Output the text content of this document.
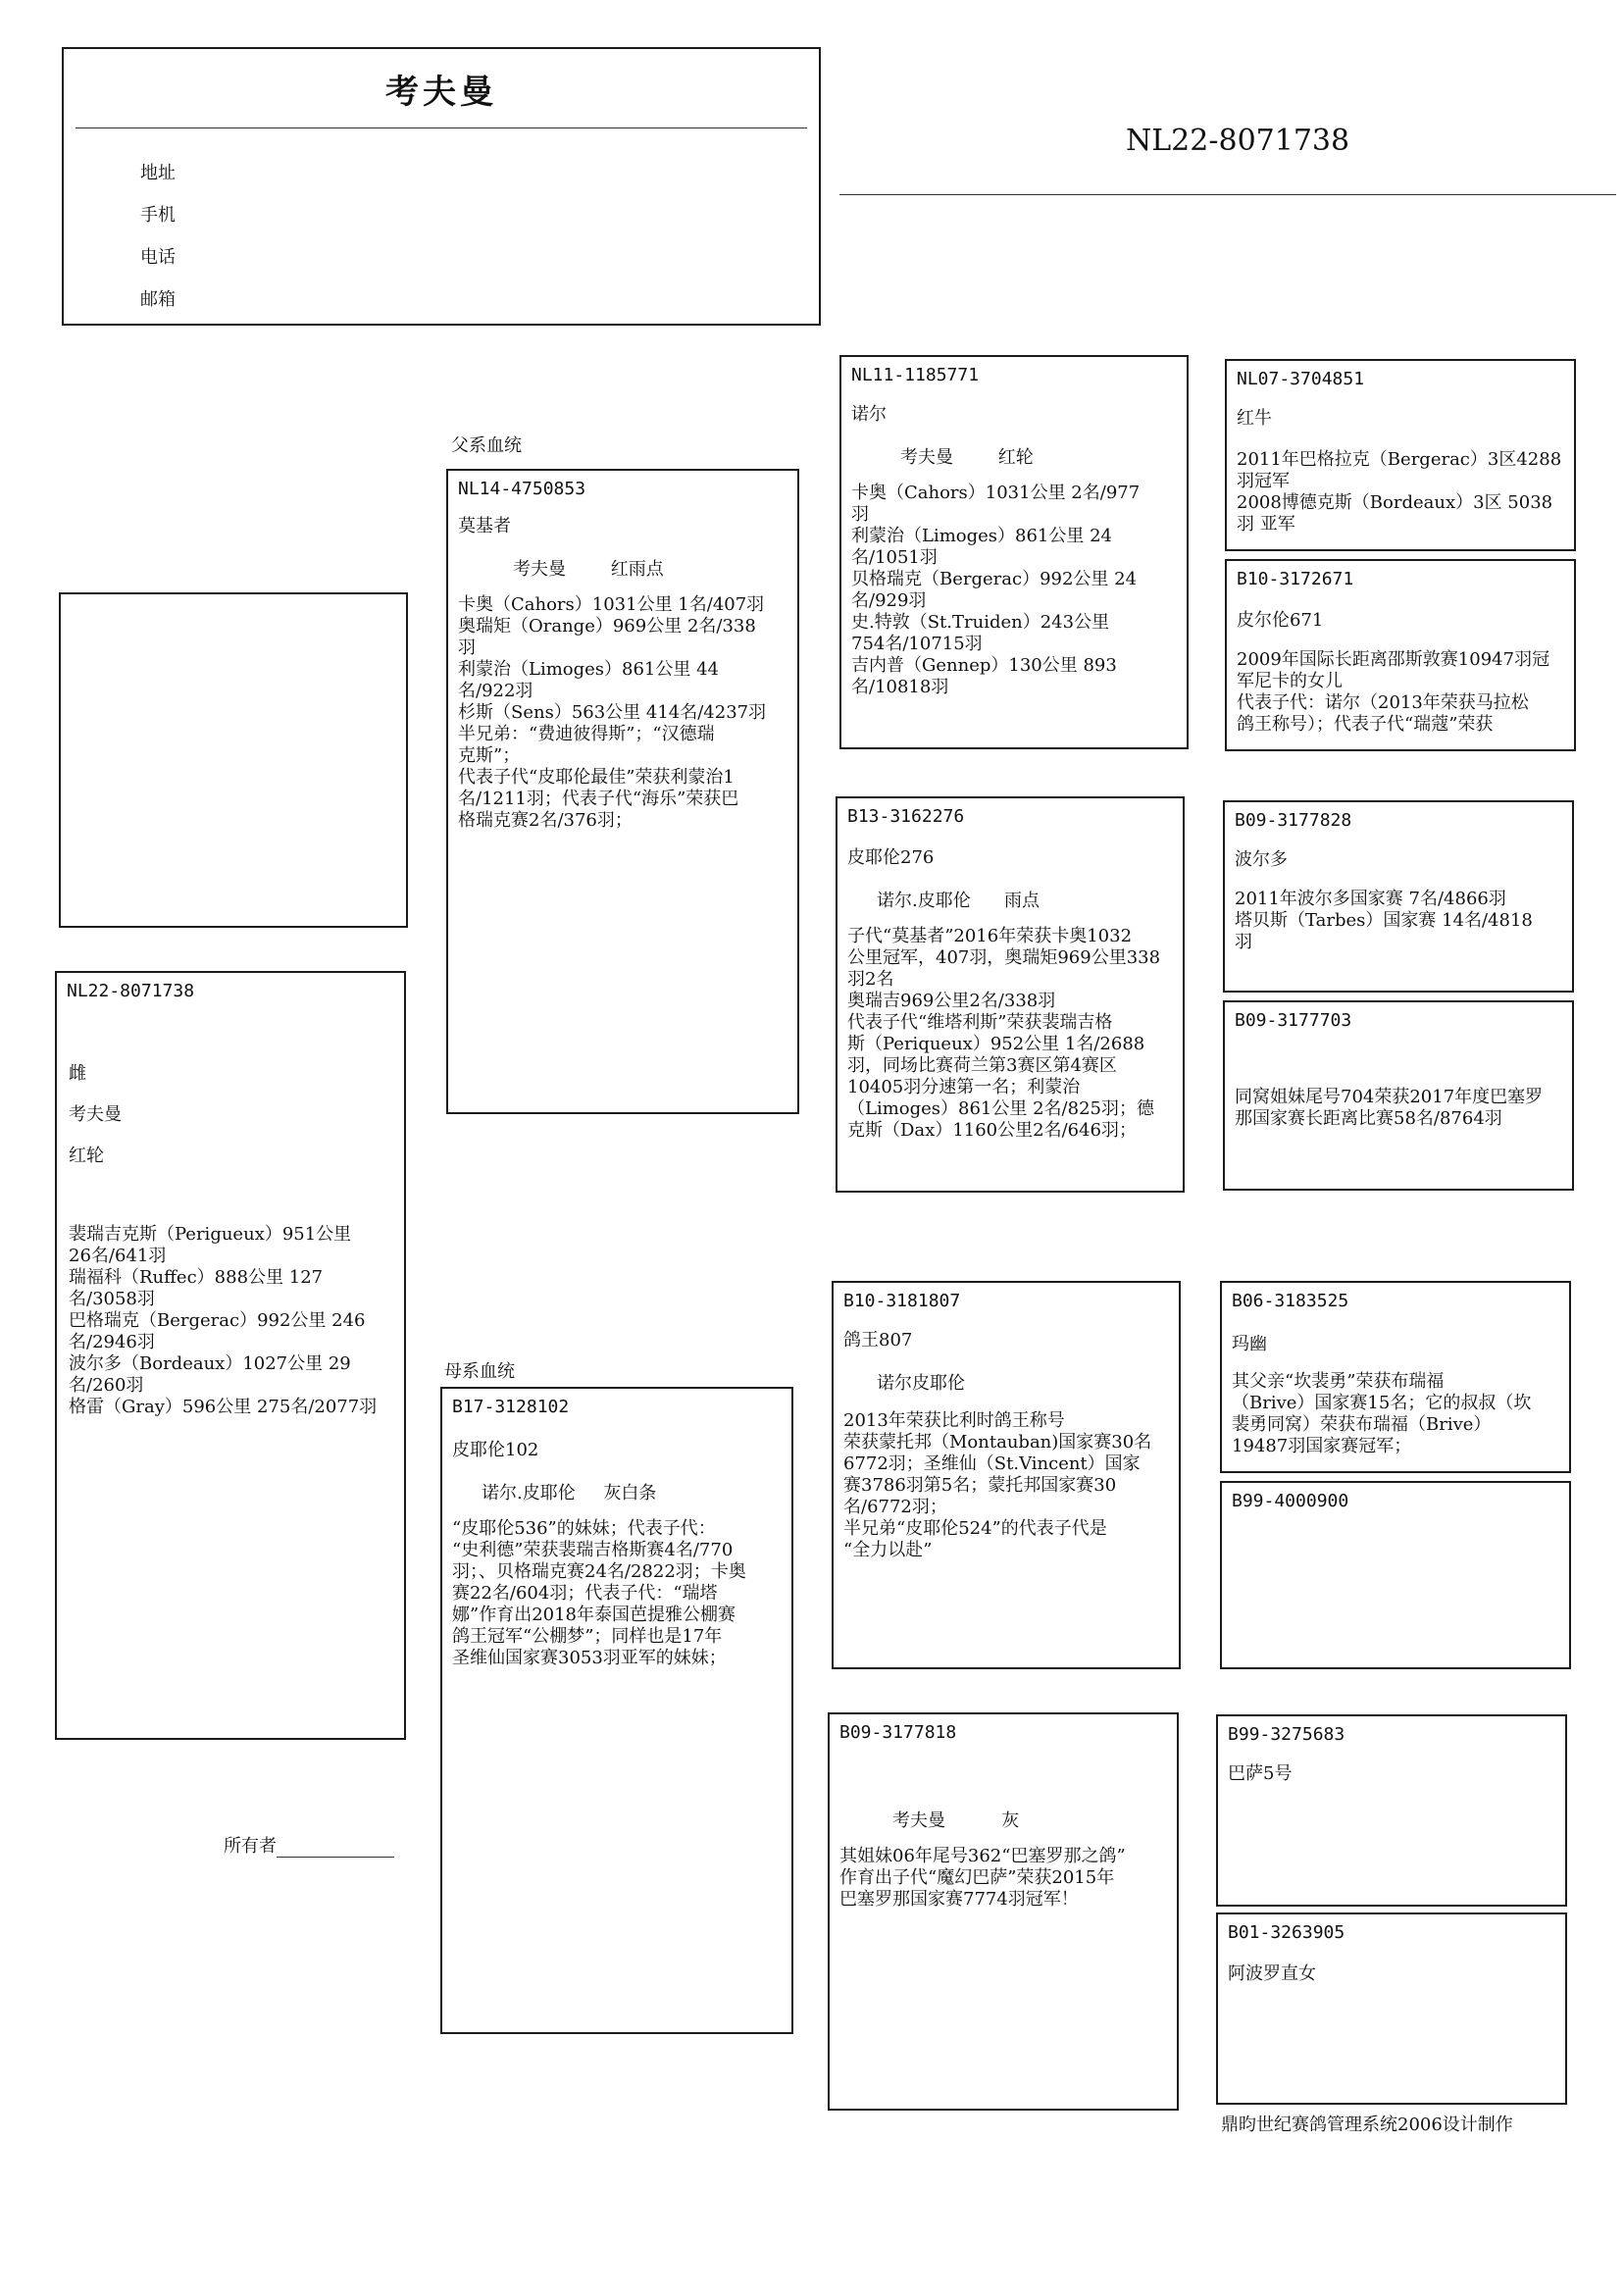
考夫曼
地址
手机
电话
邮箱
NL22-8071738
父系血统
母系血统
NL22-8071738
雌
考夫曼
红轮
裴瑞吉克斯（Perigueux）951公里
26名/641羽
瑞福科（Ruffec）888公里 127
名/3058羽
巴格瑞克（Bergerac）992公里 246
名/2946羽
波尔多（Bordeaux）1027公里 29
名/260羽
格雷（Gray）596公里 275名/2077羽
NL14-4750853
莫基者
考夫曼        红雨点
卡奥（Cahors）1031公里 1名/407羽
奥瑞矩（Orange）969公里 2名/338
羽
利蒙治（Limoges）861公里 44
名/922羽
杉斯（Sens）563公里 414名/4237羽
半兄弟：“费迪彼得斯”；“汉德瑞
克斯”；
代表子代“皮耶伦最佳”荣获利蒙治1
名/1211羽；代表子代“海乐”荣获巴
格瑞克赛2名/376羽；
B17-3128102
皮耶伦102
诺尔.皮耶伦     灰白条
“皮耶伦536”的妹妹；代表子代：
“史利德”荣获裴瑞吉格斯赛4名/770
羽；、贝格瑞克赛24名/2822羽；卡奥
赛22名/604羽；代表子代：“瑞塔
娜”作育出2018年泰国芭提雅公棚赛
鸽王冠军“公棚梦”；同样也是17年
圣维仙国家赛3053羽亚军的妹妹；
NL11-1185771
诺尔
考夫曼        红轮
卡奥（Cahors）1031公里 2名/977
羽
利蒙治（Limoges）861公里 24
名/1051羽
贝格瑞克（Bergerac）992公里 24
名/929羽
史.特敦（St.Truiden）243公里
754名/10715羽
吉内普（Gennep）130公里 893
名/10818羽
B13-3162276
皮耶伦276
诺尔.皮耶伦      雨点
子代“莫基者”2016年荣获卡奥1032
公里冠军，407羽，奥瑞矩969公里338
羽2名
奥瑞吉969公里2名/338羽
代表子代“维塔利斯”荣获裴瑞吉格
斯（Periqueux）952公里 1名/2688
羽，同场比赛荷兰第3赛区第4赛区
10405羽分速第一名；利蒙治
（Limoges）861公里 2名/825羽；德
克斯（Dax）1160公里2名/646羽；
B10-3181807
鸽王807
诺尔皮耶伦
2013年荣获比利时鸽王称号
荣获蒙托邦（Montauban)国家赛30名
6772羽；圣维仙（St.Vincent）国家
赛3786羽第5名；蒙托邦国家赛30
名/6772羽；
半兄弟“皮耶伦524”的代表子代是
“全力以赴”
B09-3177818
考夫曼          灰
其姐妹06年尾号362“巴塞罗那之鸽”
作育出子代“魔幻巴萨”荣获2015年
巴塞罗那国家赛7774羽冠军！
NL07-3704851
红牛
2011年巴格拉克（Bergerac）3区4288
羽冠军
2008博德克斯（Bordeaux）3区 5038
羽 亚军
B10-3172671
皮尔伦671
2009年国际长距离邵斯敦赛10947羽冠
军尼卡的女儿
代表子代：诺尔（2013年荣获马拉松
鸽王称号）；代表子代“瑞蔻”荣获
B09-3177828
波尔多
2011年波尔多国家赛 7名/4866羽
塔贝斯（Tarbes）国家赛 14名/4818
羽
B09-3177703
同窝姐妹尾号704荣获2017年度巴塞罗
那国家赛长距离比赛58名/8764羽
B06-3183525
玛幽
其父亲“坎裴勇”荣获布瑞福
（Brive）国家赛15名；它的叔叔（坎
裴勇同窝）荣获布瑞福（Brive）
19487羽国家赛冠军；
B99-4000900
B99-3275683
巴萨5号
B01-3263905
阿波罗直女
所有者
鼎昀世纪赛鸽管理系统2006设计制作
